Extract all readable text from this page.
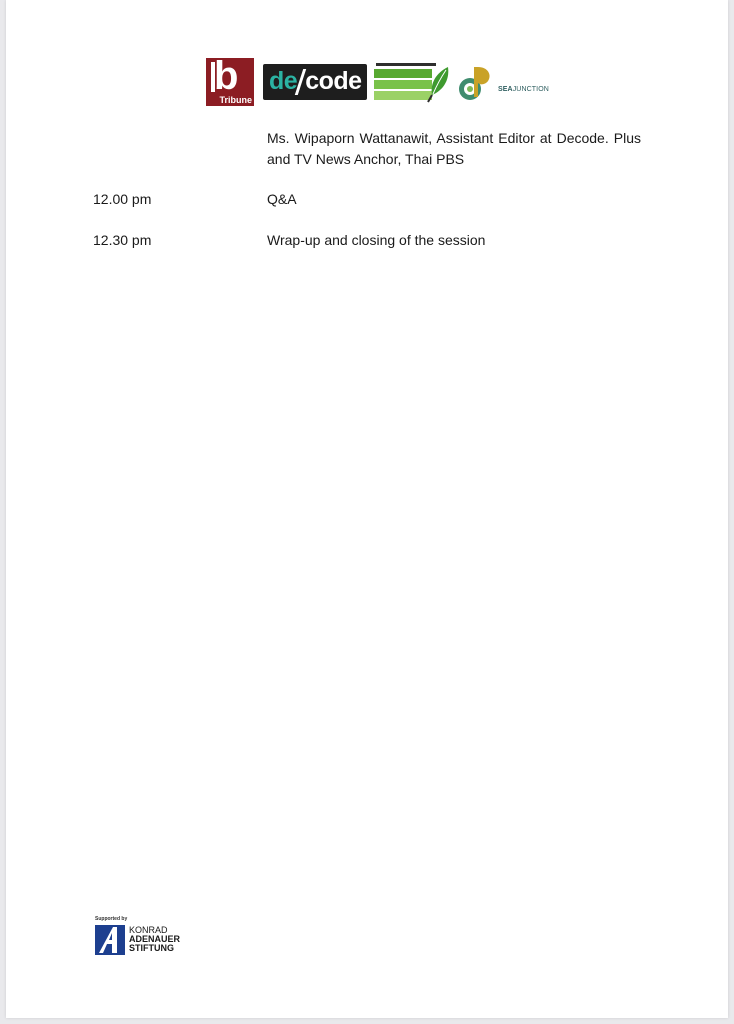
b
Tribune
de code	SEAJUNCTION
Ms. Wipaporn Wattanawit, Assistant Editor at Decode. Plus and TV News Anchor, Thai PBS
12.00 pm	Q&A
12.30 pm	Wrap-up and closing of the session
Supported by
KONRAD
ADENAUER
STIFTUNG
